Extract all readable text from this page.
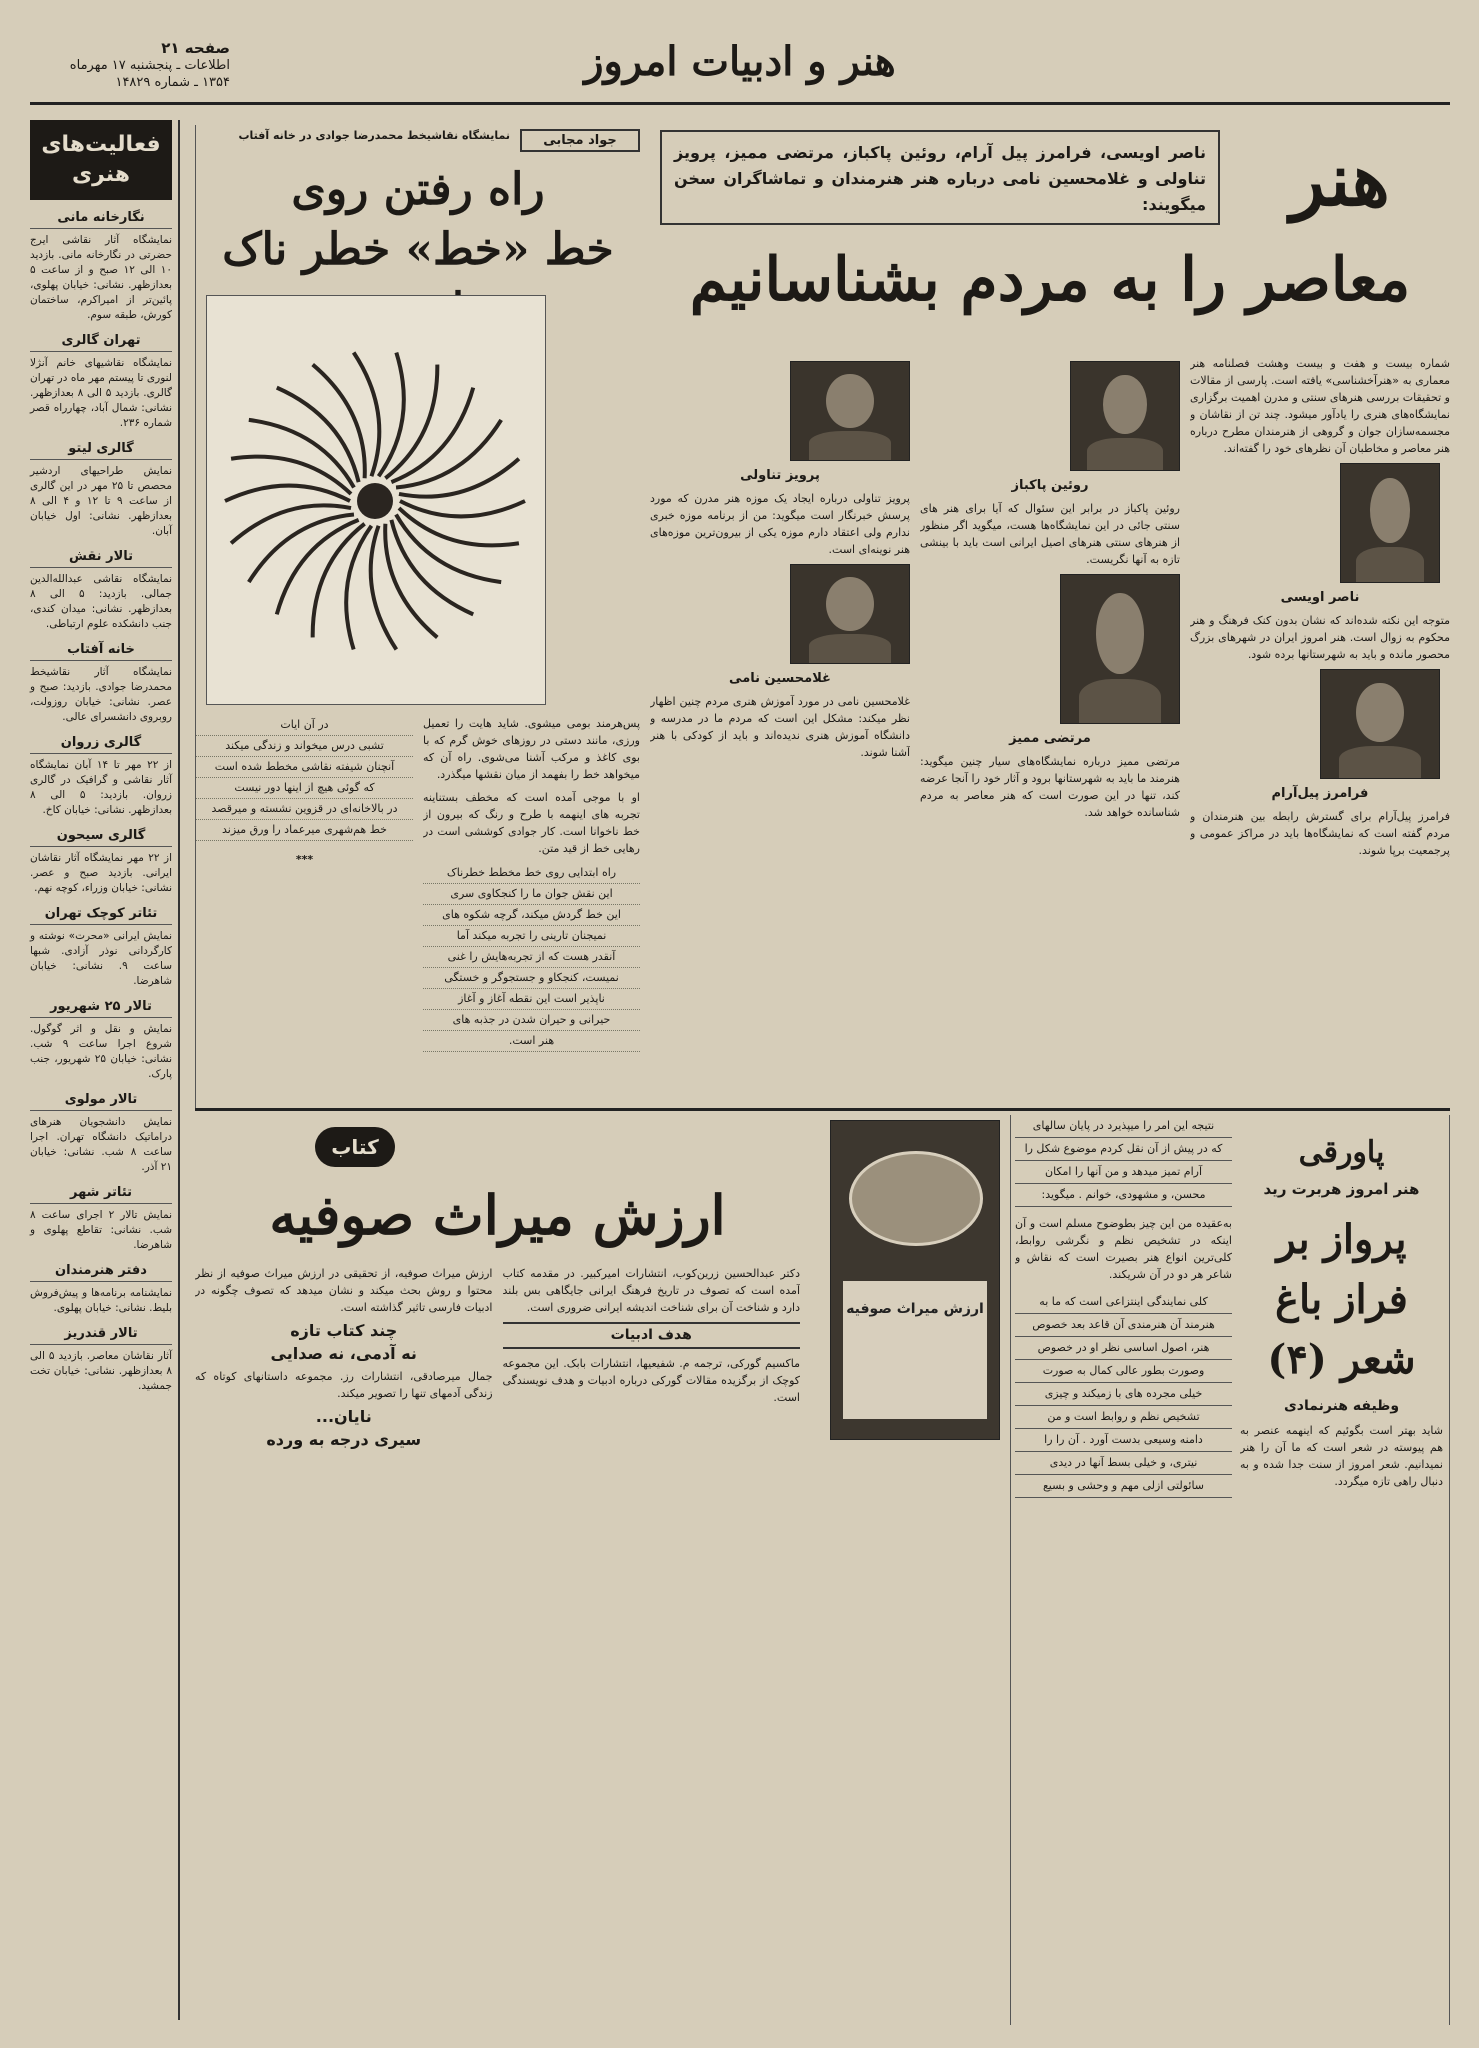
هنر و ادبیات امروز
صفحه ۲۱
اطلاعات ـ پنجشنبه ۱۷ مهرماه
۱۳۵۴ ـ شماره ۱۴۸۲۹
فعالیت‌های هنری
نگارخانه مانی
نمایشگاه آثار نقاشی ایرج حضرتی در نگارخانه مانی. بازدید ۱۰ الی ۱۲ صبح و از ساعت ۵ بعدازظهر. نشانی: خیابان پهلوی، پائین‌تر از امیراکرم، ساختمان کورش، طبقه سوم.
تهران گالری
نمایشگاه نقاشیهای خانم آنژلا لنوری تا پیستم مهر ماه در تهران گالری. بازدید ۵ الی ۸ بعدازظهر. نشانی: شمال آباد، چهارراه قصر شماره ۲۳۶.
گالری لیتو
نمایش طراحیهای اردشیر محصص تا ۲۵ مهر در این گالری از ساعت ۹ تا ۱۲ و ۴ الی ۸ بعدازظهر. نشانی: اول خیابان آبان.
تالار نقش
نمایشگاه نقاشی عبدالله‌الدین جمالی. بازدید: ۵ الی ۸ بعدازظهر. نشانی: میدان کندی، جنب دانشکده علوم ارتباطی.
خانه آفتاب
نمایشگاه آثار نقاشیخط محمدرضا جوادی. بازدید: صبح و عصر. نشانی: خیابان روزولت، روبروی دانشسرای عالی.
گالری زروان
از ۲۲ مهر تا ۱۴ آبان نمایشگاه آثار نقاشی و گرافیک در گالری زروان. بازدید: ۵ الی ۸ بعدازظهر. نشانی: خیابان کاخ.
گالری سیحون
از ۲۲ مهر نمایشگاه آثار نقاشان ایرانی. بازدید صبح و عصر. نشانی: خیابان وزراء، کوچه نهم.
تئاتر کوچک تهران
نمایش ایرانی «محرت» نوشته و کارگردانی نوذر آزادی. شبها ساعت ۹. نشانی: خیابان شاهرضا.
تالار ۲۵ شهریور
نمایش و نقل و اثر گوگول. شروع اجرا ساعت ۹ شب. نشانی: خیابان ۲۵ شهریور، جنب پارک.
تالار مولوی
نمایش دانشجویان هنرهای دراماتیک دانشگاه تهران. اجرا ساعت ۸ شب. نشانی: خیابان ۲۱ آذر.
تئاتر شهر
نمایش تالار ۲ اجرای ساعت ۸ شب. نشانی: تقاطع پهلوی و شاهرضا.
دفتر هنرمندان
نمایشنامه برنامه‌ها و پیش‌فروش بلیط. نشانی: خیابان پهلوی.
تالار قندریز
آثار نقاشان معاصر. بازدید ۵ الی ۸ بعدازظهر. نشانی: خیابان تخت جمشید.
جواد مجابی
نمایشگاه نقاشیخط محمدرضا جوادی در خانه آفتاب
راه رفتن روی
خط «خط» خطر ناک

پس‌هرمند بومی میشوی. شاید هایت را تعمیل ورزی، مانند دستی در روزهای خوش گرم که با بوی کاغذ و مرکب آشنا می‌شوی. راه آن که میخواهد خط را بفهمد از میان نقشها میگذرد.

او با موجی آمده است که مخطف بستناینه تجربه های اینهمه با طرح و رنگ که بیرون از خط ناخوانا است. کار جوادی کوششی است در رهایی خط از قید متن.

راه ابتدایی روی خط مخطط خطرناک
این نقش جوان ما را کنجکاوی سری
این خط گردش میکند، گرچه شکوه های
نمیجنان تارینی را تجربه میکند آما
آنقدر هست که از تجربه‌هایش را غنی
نمیست، کنجکاو و جستجوگر و خستگی
ناپذیر است این نقطه آغاز و آغاز
حیرانی و حیران شدن در جذبه های
هنر است.
در آن ایات
تشبی درس میخواند و زندگی میکند
آنچنان شیفته نقاشی مخطط شده است
که گوئی هیچ از اینها دور نیست
در بالاخانه‌ای در قزوین نشسته و میرقصد
خط هم‌شهری میرعماد را ورق میزند
***
ناصر اویسی، فرامرز پیل آرام، روئین پاکباز، مرتضی ممیز، پرویز تناولی و غلامحسین نامی درباره هنر هنرمندان و تماشاگران سخن میگویند:	هنر
معاصر را به مردم بشناسانیم

شماره بیست و هفت و بیست وهشت فصلنامه هنر معماری به «هنرآخشناسی» یافته است. پارسی از مقالات و تحقیقات بررسی هنرهای سنتی و مدرن اهمیت برگزاری نمایشگاه‌های هنری را یادآور میشود. چند تن از نقاشان و مجسمه‌سازان جوان و گروهی از هنرمندان مطرح درباره هنر معاصر و مخاطبان آن نظرهای خود را گفته‌اند.

ناصر اویسی

متوجه این نکته شده‌اند که نشان بدون کنک فرهنگ و هنر محکوم به زوال است. هنر امروز ایران در شهرهای بزرگ محصور مانده و باید به شهرستانها برده شود.

فرامرز پیل‌آرام

فرامرز پیل‌آرام برای گسترش رابطه بین هنرمندان و مردم گفته است که نمایشگاه‌ها باید در مراکز عمومی و پرجمعیت برپا شوند.

روئین پاکباز

روئین پاکباز در برابر این سئوال که آیا برای هنر های سنتی جائی در این نمایشگاه‌ها هست، میگوید اگر منظور از هنرهای سنتی هنرهای اصیل ایرانی است باید با بینشی تازه به آنها نگریست.

مرتضی ممیز

مرتضی ممیز درباره نمایشگاه‌های سیار چنین میگوید: هنرمند ما باید به شهرستانها برود و آثار خود را آنجا عرضه کند، تنها در این صورت است که هنر معاصر به مردم شناسانده خواهد شد.

پرویز تناولی

پرویز تناولی درباره ایجاد یک موزه هنر مدرن که مورد پرسش خبرنگار است میگوید: من از برنامه موزه خبری ندارم ولی اعتقاد دارم موزه یکی از بیرون‌ترین موزه‌های هنر نوینه‌ای است.

غلامحسین نامی

غلامحسین نامی در مورد آموزش هنری مردم چنین اظهار نظر میکند: مشکل این است که مردم ما در مدرسه و دانشگاه آموزش هنری ندیده‌اند و باید از کودکی با هنر آشنا شوند.

کتاب
ارزش میراث صوفیه

دکتر عبدالحسین زرین‌کوب، انتشارات امیرکبیر. در مقدمه کتاب آمده است که تصوف در تاریخ فرهنگ ایرانی جایگاهی بس بلند دارد و شناخت آن برای شناخت اندیشه ایرانی ضروری است.

هدف ادبیات

ماکسیم گورکی، ترجمه م. شفیعیها، انتشارات بابک. این مجموعه کوچک از برگزیده مقالات گورکی درباره ادبیات و هدف نویسندگی است.

ارزش میراث صوفیه، از تحقیقی در ارزش میراث صوفیه از نظر محتوا و روش بحث میکند و نشان میدهد که تصوف چگونه در ادبیات فارسی تاثیر گذاشته است.

چند کتاب تازه
نه آدمی، نه صدایی

جمال میرصادقی، انتشارات رز. مجموعه داستانهای کوتاه که زندگی آدمهای تنها را تصویر میکند.

نایان...
سیری درجه به ورده
ارزش میراث صوفیه
نتیجه این امر را میپذیرد در پایان سالهای
که در پیش از آن نقل کردم موضوع شکل را
آرام تمیز میدهد و من آنها را امکان
محسن، و مشهودی، خوانم . میگوید:

به‌عقیده من این چیز بطوضوح مسلم است و آن اینکه در تشخیص نظم و نگرشی روابط، کلی‌ترین انواع هنر بصیرت است که نقاش و شاعر هر دو در آن شریکند.

کلی نمایندگی اینتزاعی است که ما به
هنرمند آن هنرمندی آن قاعد بعد خصوص
هنر، اصول اساسی نظر او در خصوص
وصورت بطور عالی کمال به صورت
خیلی مجرده های با زمیکند و چیزی
تشخیص نظم و روابط است و من
دامنه وسیعی بدست آورد . آن را را
نیتری، و خیلی بسط آنها در دیدی
سائولتی ازلی مهم و وحشی و بسیع
پاورقی
هنر امروز هربرت رید
پرواز بر فراز باغ شعر (۴)
وظیفه هنرنمادی

شاید بهتر است بگوئیم که اینهمه عنصر به هم پیوسته در شعر است که ما آن را هنر نمیدانیم. شعر امروز از سنت جدا شده و به دنبال راهی تازه میگردد.
